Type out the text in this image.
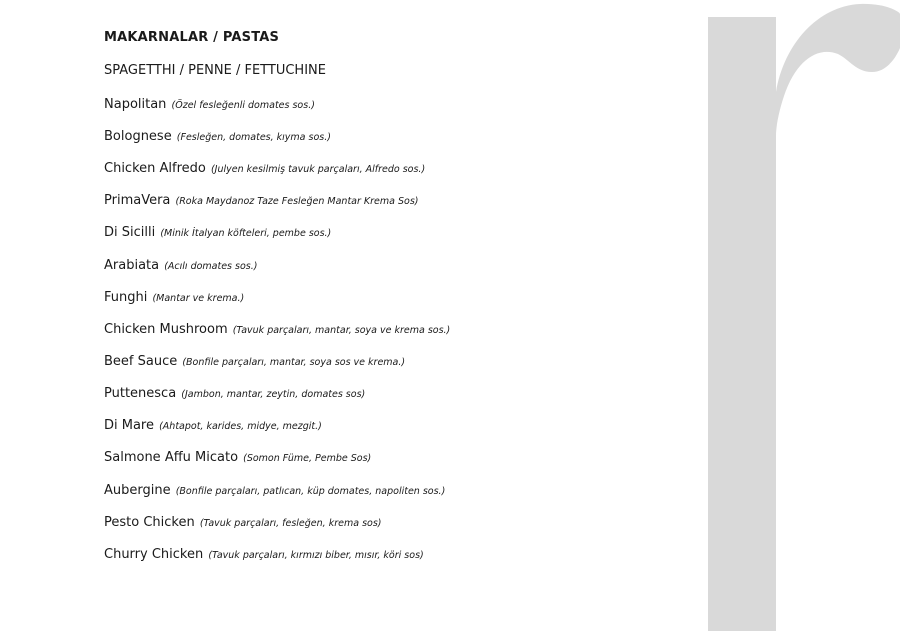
MAKARNALAR / PASTAS
SPAGETTHI / PENNE / FETTUCHINE
Napolitan (Özel fesleğenli domates sos.)
Bolognese (Fesleğen, domates, kıyma sos.)
Chicken Alfredo (Julyen kesilmiş tavuk parçaları, Alfredo sos.)
PrimaVera (Roka Maydanoz Taze Fesleğen Mantar Krema Sos)
Di Sicilli (Minik İtalyan köfteleri, pembe sos.)
Arabiata (Acılı domates sos.)
Funghi (Mantar ve krema.)
Chicken Mushroom (Tavuk parçaları, mantar, soya ve krema sos.)
Beef Sauce (Bonfile parçaları, mantar, soya sos ve krema.)
Puttenesca (Jambon, mantar, zeytin, domates sos)
Di Mare (Ahtapot, karides, midye, mezgit.)
Salmone Affu Micato (Somon Füme, Pembe Sos)
Aubergine (Bonfile parçaları, patlıcan, küp domates, napoliten sos.)
Pesto Chicken (Tavuk parçaları, fesleğen, krema sos)
Churry Chicken (Tavuk parçaları, kırmızı biber, mısır, köri sos)
